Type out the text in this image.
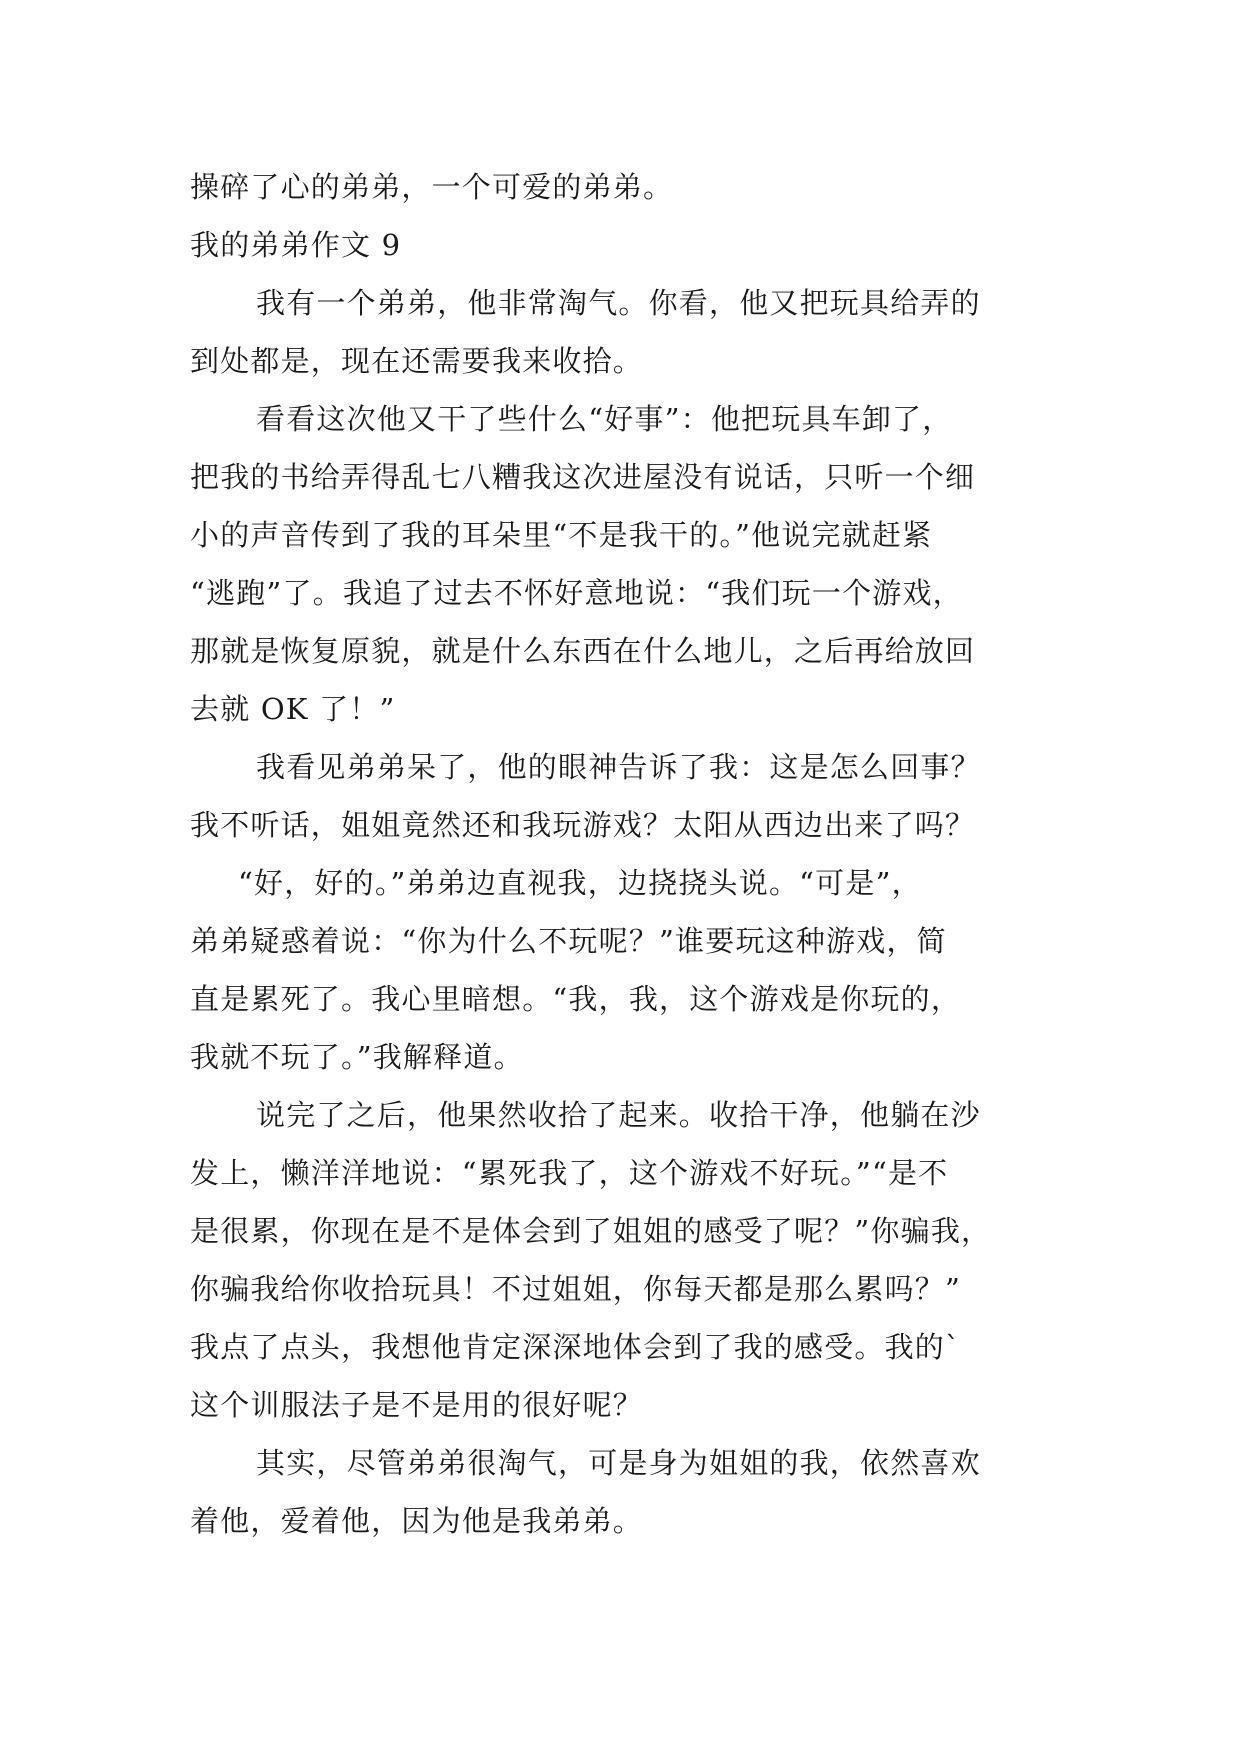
操碎了心的弟弟，一个可爱的弟弟。
我的弟弟作文 9
我有一个弟弟，他非常淘气。你看，他又把玩具给弄的
到处都是，现在还需要我来收拾。
看看这次他又干了些什么“好事”：他把玩具车卸了，
把我的书给弄得乱七八糟我这次进屋没有说话，只听一个细
小的声音传到了我的耳朵里“不是我干的。”他说完就赶紧
“逃跑”了。我追了过去不怀好意地说：“我们玩一个游戏，
那就是恢复原貌，就是什么东西在什么地儿，之后再给放回
去就 OK 了！”
我看见弟弟呆了，他的眼神告诉了我：这是怎么回事？
我不听话，姐姐竟然还和我玩游戏？太阳从西边出来了吗？
“好，好的。”弟弟边直视我，边挠挠头说。“可是”，
弟弟疑惑着说：“你为什么不玩呢？”谁要玩这种游戏，简
直是累死了。我心里暗想。“我，我，这个游戏是你玩的，
我就不玩了。”我解释道。
说完了之后，他果然收拾了起来。收拾干净，他躺在沙
发上，懒洋洋地说：“累死我了，这个游戏不好玩。”“是不
是很累，你现在是不是体会到了姐姐的感受了呢？”你骗我，
你骗我给你收拾玩具！不过姐姐，你每天都是那么累吗？”
我点了点头，我想他肯定深深地体会到了我的感受。我的`
这个训服法子是不是用的很好呢？
其实，尽管弟弟很淘气，可是身为姐姐的我，依然喜欢
着他，爱着他，因为他是我弟弟。
